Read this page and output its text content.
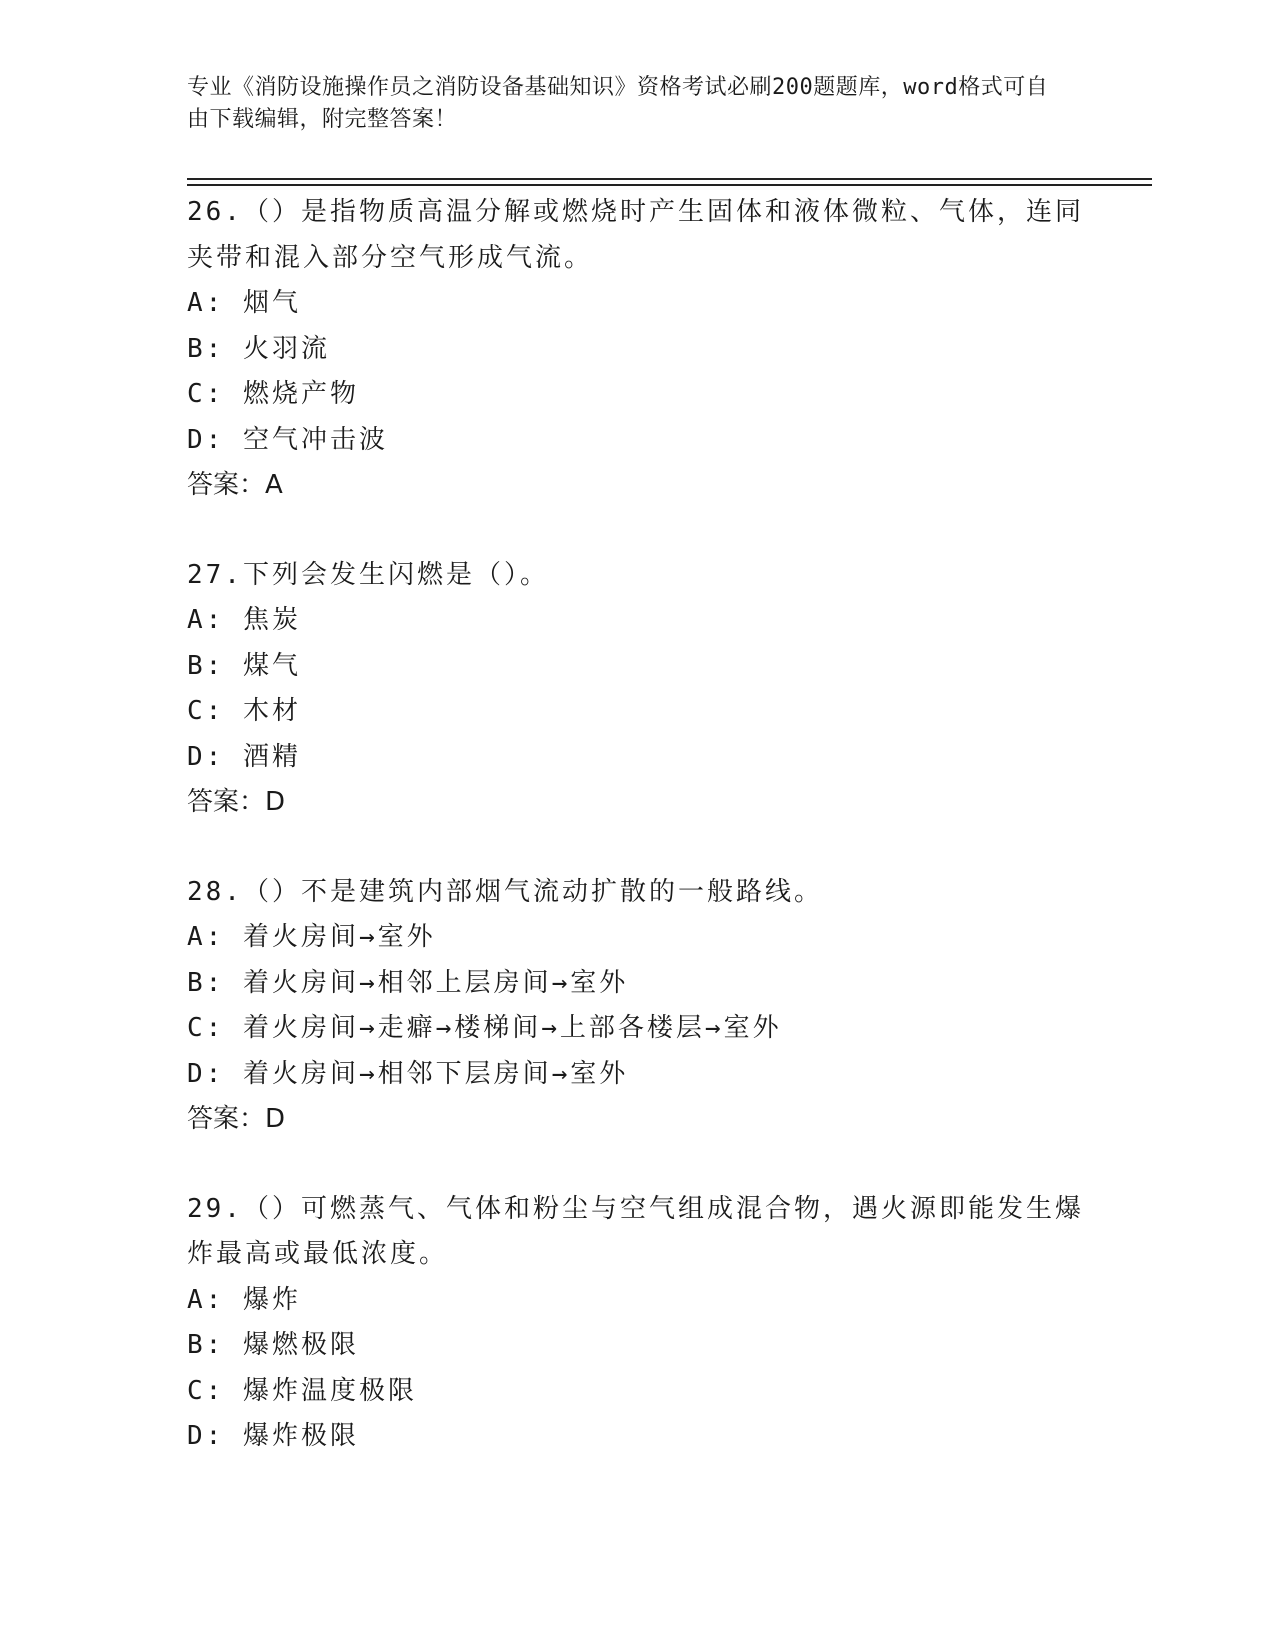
专业《消防设施操作员之消防设备基础知识》资格考试必刷200题题库，word格式可自由下载编辑，附完整答案！

26.（）是指物质高温分解或燃烧时产生固体和液体微粒、气体，连同夹带和混入部分空气形成气流。

A: 烟气

B: 火羽流

C: 燃烧产物

D: 空气冲击波

答案：A

27.下列会发生闪燃是（）。

A: 焦炭

B: 煤气

C: 木材

D: 酒精

答案：D

28.（）不是建筑内部烟气流动扩散的一般路线。

A: 着火房间→室外

B: 着火房间→相邻上层房间→室外

C: 着火房间→走癖→楼梯间→上部各楼层→室外

D: 着火房间→相邻下层房间→室外

答案：D

29.（）可燃蒸气、气体和粉尘与空气组成混合物，遇火源即能发生爆炸最高或最低浓度。

A: 爆炸

B: 爆燃极限

C: 爆炸温度极限

D: 爆炸极限
